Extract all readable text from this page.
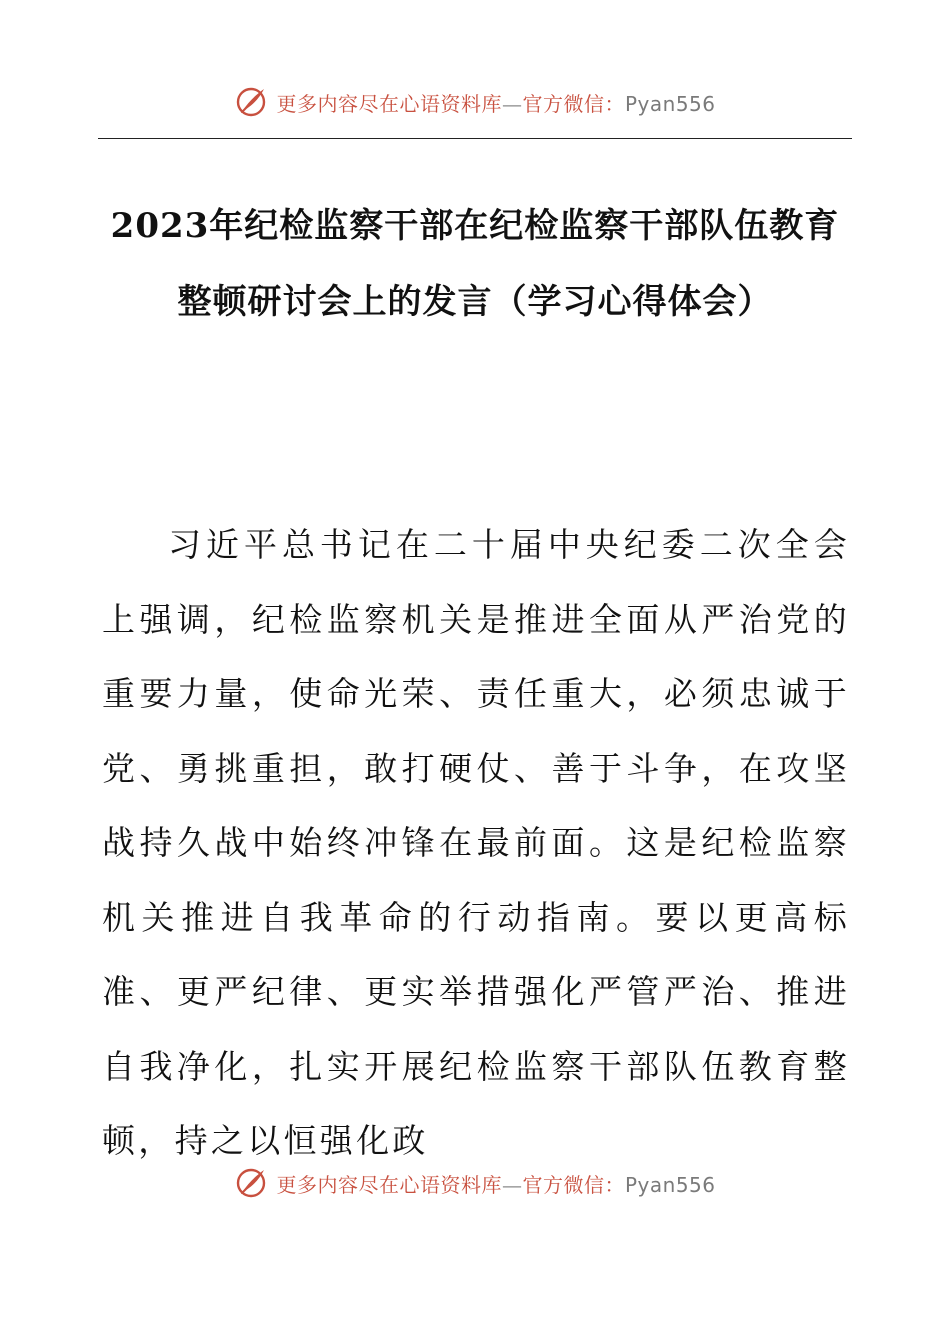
更多内容尽在心语资料库—官方微信：Pyan556
2023年纪检监察干部在纪检监察干部队伍教育整顿研讨会上的发言（学习心得体会）

习近平总书记在二十届中央纪委二次全会上强调，纪检监察机关是推进全面从严治党的重要力量，使命光荣、责任重大，必须忠诚于党、勇挑重担，敢打硬仗、善于斗争，在攻坚战持久战中始终冲锋在最前面。这是纪检监察机关推进自我革命的行动指南。要以更高标准、更严纪律、更实举措强化严管严治、推进自我净化，扎实开展纪检监察干部队伍教育整顿，持之以恒强化政

更多内容尽在心语资料库—官方微信：Pyan556
